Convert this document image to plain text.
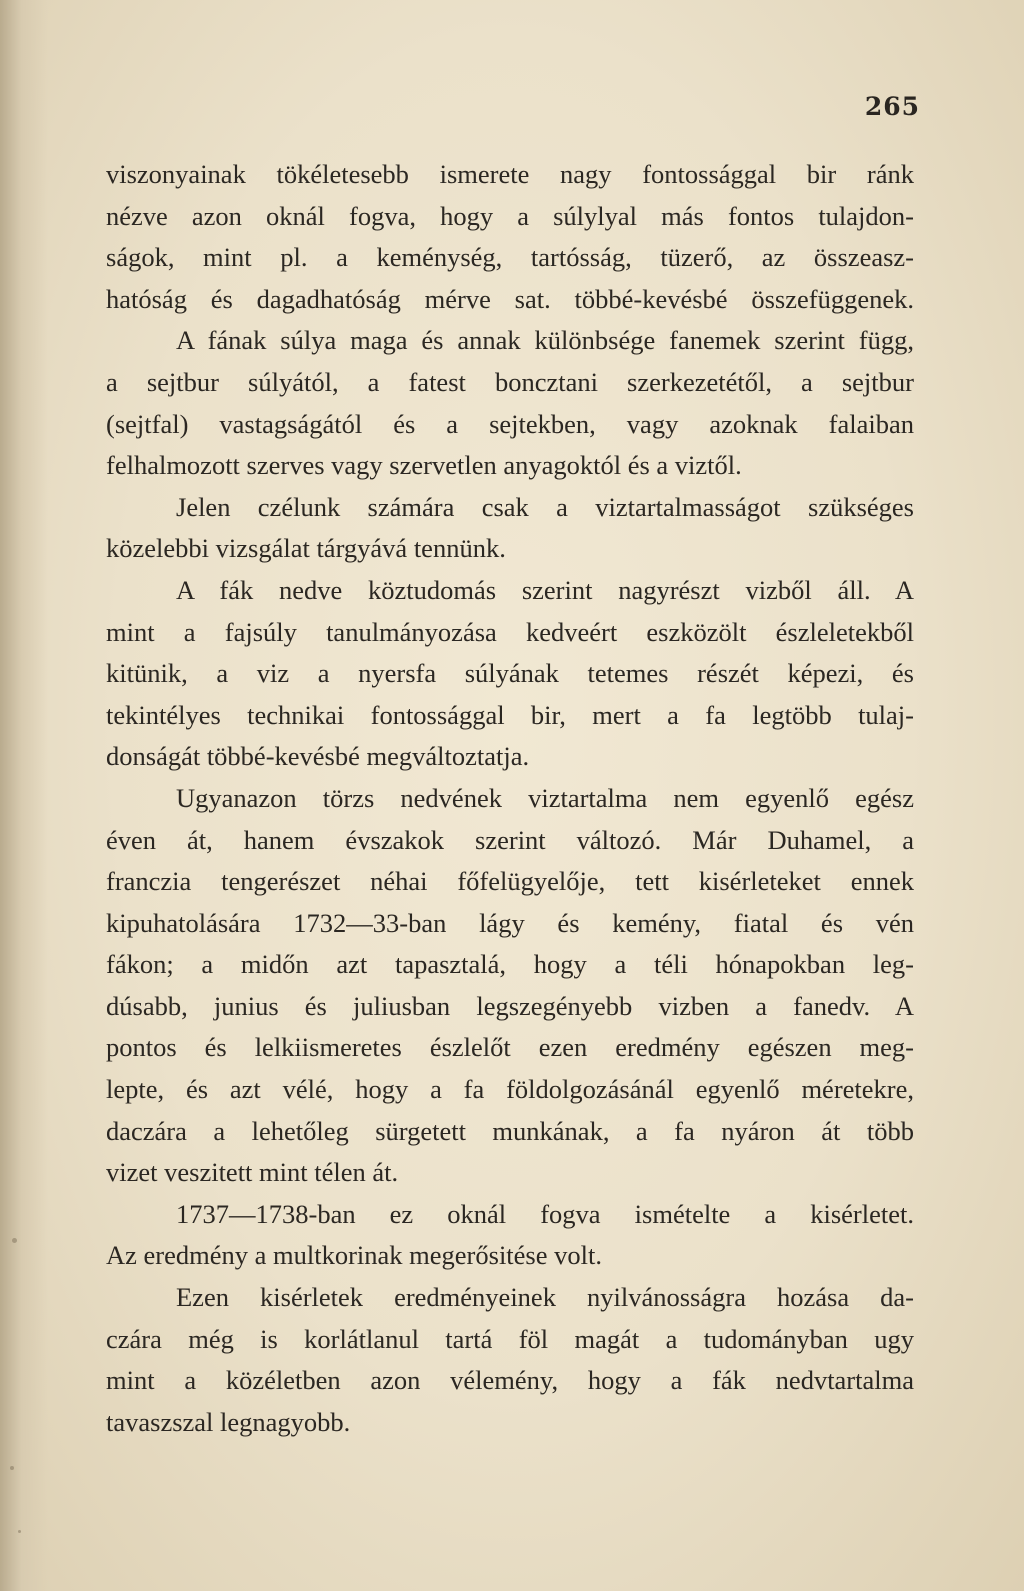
265
viszonyainak tökéletesebb ismerete nagy fontossággal bir ránk
nézve azon oknál fogva, hogy a súlylyal más fontos tulajdon-
ságok, mint pl. a keménység, tartósság, tüzerő, az összeasz-
hatóság és dagadhatóság mérve sat. többé-kevésbé összefüggenek.
A fának súlya maga és annak különbsége fanemek szerint függ,
a sejtbur súlyától, a fatest boncztani szerkezetétől, a sejtbur
(sejtfal) vastagságától és a sejtekben, vagy azoknak falaiban
felhalmozott szerves vagy szervetlen anyagoktól és a viztől.
Jelen czélunk számára csak a viztartalmasságot szükséges
közelebbi vizsgálat tárgyává tennünk.
A fák nedve köztudomás szerint nagyrészt vizből áll. A
mint a fajsúly tanulmányozása kedveért eszközölt észleletekből
kitünik, a viz a nyersfa súlyának tetemes részét képezi, és
tekintélyes technikai fontossággal bir, mert a fa legtöbb tulaj-
donságát többé-kevésbé megváltoztatja.
Ugyanazon törzs nedvének viztartalma nem egyenlő egész
éven át, hanem évszakok szerint változó. Már Duhamel, a
franczia tengerészet néhai főfelügyelője, tett kisérleteket ennek
kipuhatolására 1732—33-ban lágy és kemény, fiatal és vén
fákon; a midőn azt tapasztalá, hogy a téli hónapokban leg-
dúsabb, junius és juliusban legszegényebb vizben a fanedv. A
pontos és lelkiismeretes észlelőt ezen eredmény egészen meg-
lepte, és azt vélé, hogy a fa földolgozásánál egyenlő méretekre,
daczára a lehetőleg sürgetett munkának, a fa nyáron át több
vizet veszitett mint télen át.
1737—1738-ban ez oknál fogva ismételte a kisérletet.
Az eredmény a multkorinak megerősitése volt.
Ezen kisérletek eredményeinek nyilvánosságra hozása da-
czára még is korlátlanul tartá föl magát a tudományban ugy
mint a közéletben azon vélemény, hogy a fák nedvtartalma
tavaszszal legnagyobb.
